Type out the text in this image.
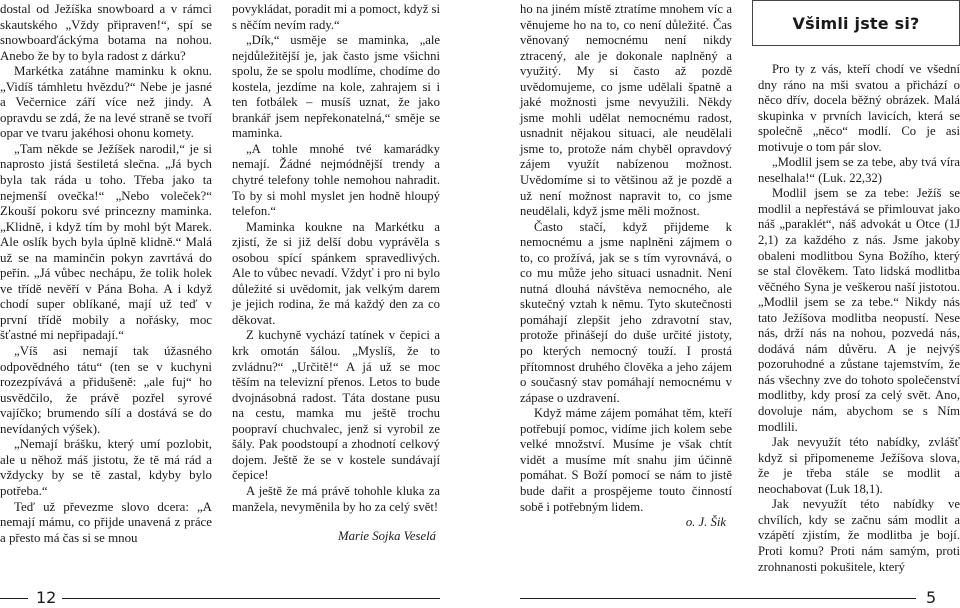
dostal od Ježíška snowboard a v rámci skautského „Vždy připraven!“, spí se snowboarďáckýma botama na nohou. Anebo že by to byla radost z dárku?

Markétka zatáhne maminku k oknu. „Vidíš támhletu hvězdu?“ Nebe je jasné a Večernice září více než jindy. A opravdu se zdá, že na levé straně se tvoří opar ve tvaru jakéhosi ohonu komety.

„Tam někde se Ježíšek narodil,“ je si naprosto jistá šestiletá slečna. „Já bych byla tak ráda u toho. Třeba jako ta nejmenší ovečka!“ „Nebo voleček?“ Zkouší pokoru své princezny maminka. „Klidně, i když tím by mohl být Marek. Ale oslík bych byla úplně klidně.“ Malá už se na maminčin pokyn zavrtává do peřin. „Já vůbec nechápu, že tolik holek ve třídě nevěří v Pána Boha. A i když chodí super oblíkané, mají už teď v první třídě mobily a nořásky, moc šťastné mi nepřipadají.“

„Víš asi nemají tak úžasného odpovědného tátu“ (ten se v kuchyni rozezpívává a přidušeně: „ale fuj“ ho usvědčilo, že právě pozřel syrové vajíčko; brumendo sílí a dostává se do nevídaných výšek).

„Nemají brášku, který umí pozlobit, ale u něhož máš jistotu, že tě má rád a vždycky by se tě zastal, kdyby bylo potřeba.“

Teď už převezme slovo dcera: „A nemají mámu, co přijde unavená z práce a přesto má čas si se mnou

povykládat, poradit mi a pomoct, když si s něčím nevím rady.“

„Dík,“ usměje se maminka, „ale nejdůležitější je, jak často jsme všichni spolu, že se spolu modlíme, chodíme do kostela, jezdíme na kole, zahrajem si i ten fotbálek – musíš uznat, že jako brankář jsem nepřekonatelná,“ směje se maminka.

„A tohle mnohé tvé kamarádky nemají. Žádné nejmódnější trendy a chytré telefony tohle nemohou nahradit. To by si mohl myslet jen hodně hloupý telefon.“

Maminka koukne na Markétku a zjistí, že si již delší dobu vyprávěla s osobou spící spánkem spravedlivých. Ale to vůbec nevadí. Vždyť i pro ni bylo důležité si uvědomit, jak velkým darem je jejich rodina, že má každý den za co děkovat.

Z kuchyně vychází tatínek v čepici a krk omotán šálou. „Myslíš, že to zvládnu?“ „Určitě!“ A já už se moc těším na televizní přenos. Letos to bude dvojnásobná radost. Táta dostane pusu na cestu, mamka mu ještě trochu poopraví chuchvalec, jenž si vyrobil ze šály. Pak poodstoupí a zhodnotí celkový dojem. Ještě že se v kostele sundávají čepice!

A ještě že má právě tohohle kluka za manžela, nevyměnila by ho za celý svět!

Marie Sojka Veselá

ho na jiném místě ztratíme mnohem víc a věnujeme ho na to, co není důležité. Čas věnovaný nemocnému není nikdy ztracený, ale je dokonale naplněný a využitý. My si často až pozdě uvědomujeme, co jsme udělali špatně a jaké možnosti jsme nevyužili. Někdy jsme mohli udělat nemocnému radost, usnadnit nějakou situaci, ale neudělali jsme to, protože nám chyběl opravdový zájem využít nabízenou možnost. Uvědomíme si to většinou až je pozdě a už není možnost napravit to, co jsme neudělali, když jsme měli možnost.

Často stačí, když přijdeme k nemocnému a jsme naplněni zájmem o to, co prožívá, jak se s tím vyrovnává, o co mu může jeho situaci usnadnit. Není nutná dlouhá návštěva nemocného, ale skutečný vztah k němu. Tyto skutečnosti pomáhají zlepšit jeho zdravotní stav, protože přinášejí do duše určité jistoty, po kterých nemocný touží. I prostá přítomnost druhého člověka a jeho zájem o současný stav pomáhají nemocnému v zápase o uzdravení.

Když máme zájem pomáhat těm, kteří potřebují pomoc, vidíme jich kolem sebe velké množství. Musíme je však chtít vidět a musíme mít snahu jim účinně pomáhat. S Boží pomocí se nám to jistě bude dařit a prospějeme touto činností sobě i potřebným lidem.

o. J. Šik

Všimli jste si?

Pro ty z vás, kteří chodí ve všední dny ráno na mši svatou a přichází o něco dřív, docela běžný obrázek. Malá skupinka v prvních lavicích, která se společně „něco“ modlí. Co je asi motivuje o tom pár slov.

„Modlil jsem se za tebe, aby tvá víra neselhala!“ (Luk. 22,32)

Modlil jsem se za tebe: Ježíš se modlil a nepřestává se přimlouvat jako náš „paraklét“, náš advokát u Otce (1J 2,1) za každého z nás. Jsme jakoby obaleni modlitbou Syna Božího, který se stal člověkem. Tato lidská modlitba věčného Syna je veškerou naší jistotou. „Modlil jsem se za tebe.“ Nikdy nás tato Ježíšova modlitba neopustí. Nese nás, drží nás na nohou, pozvedá nás, dodává nám důvěru. A je nejvýš pozoruhodné a zůstane tajemstvím, že nás všechny zve do tohoto společenství modlitby, kdy prosí za celý svět. Ano, dovoluje nám, abychom se s Ním modlili.

Jak nevyužít této nabídky, zvlášť když si připomeneme Ježíšova slova, že je třeba stále se modlit a neochabovat (Luk 18,1).

Jak nevyužít této nabídky ve chvílích, kdy se začnu sám modlit a vzápětí zjistím, že modlitba je bojí. Proti komu? Proti nám samým, proti zrohnanosti pokušitele, který

12	5
